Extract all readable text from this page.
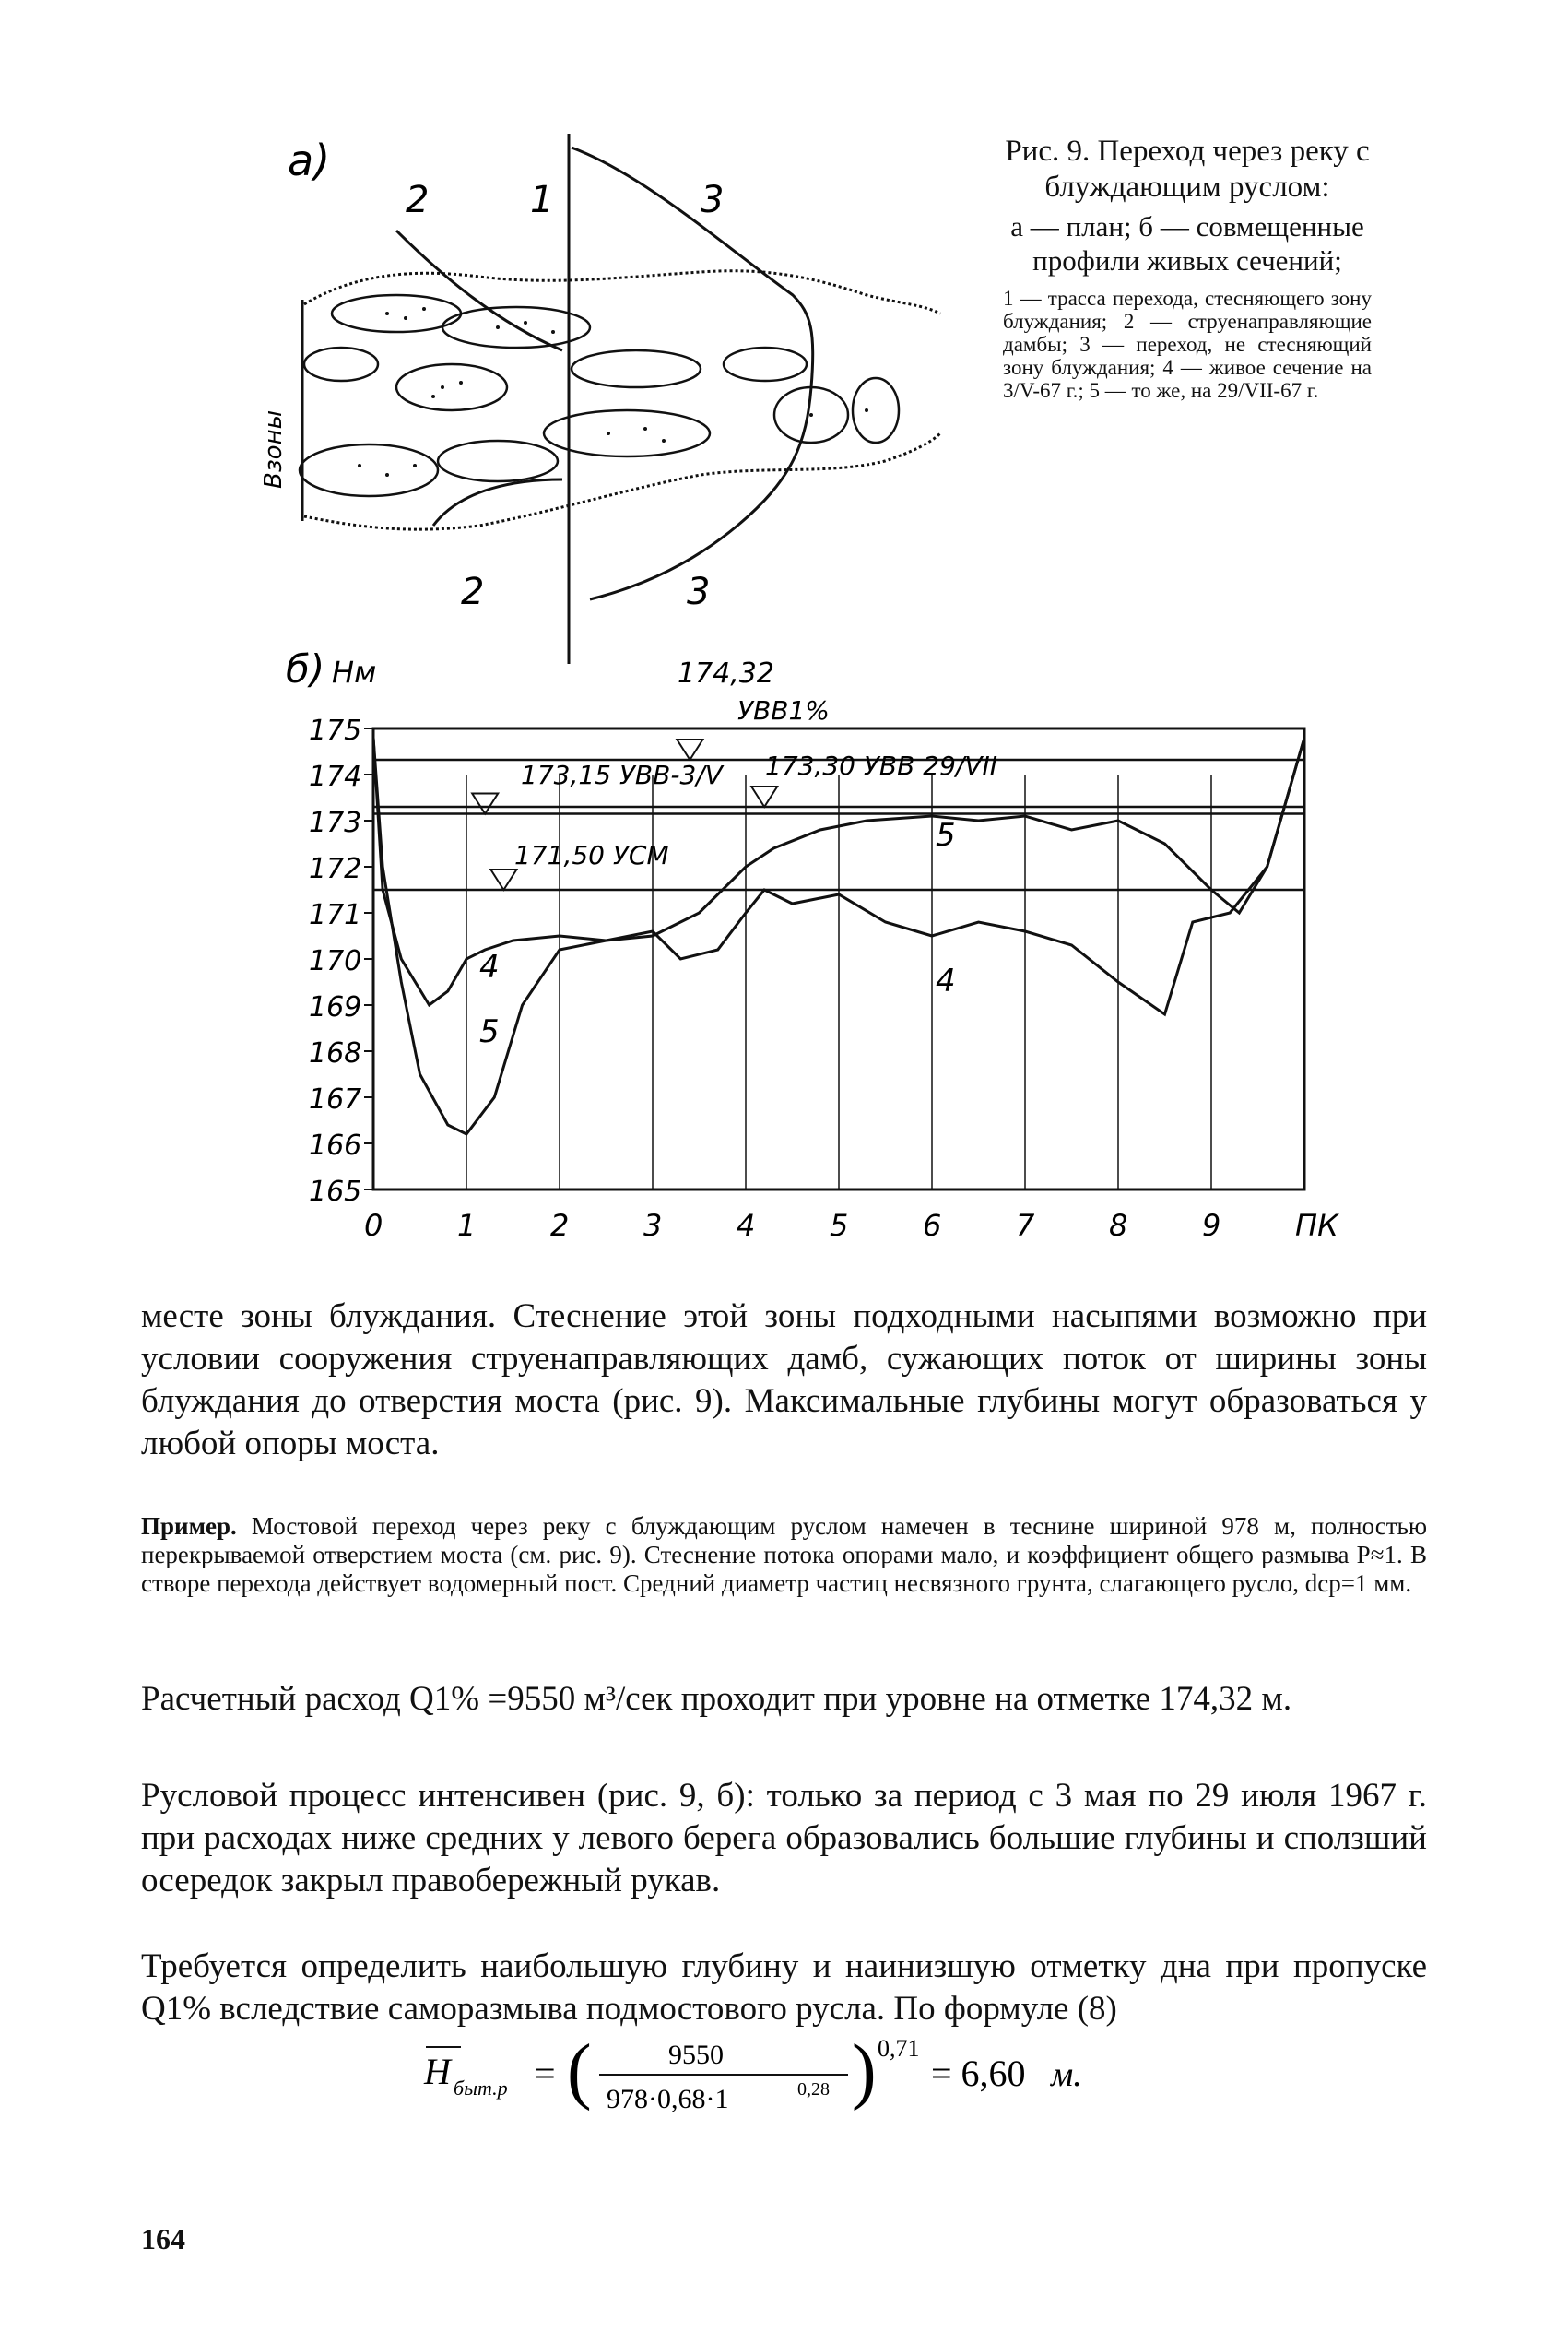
a)
Bзоны
2	1	3
2	3
б) Нм
175
174
173
172
171
170
169
168
167
166
165
0	1	2	3	4	5	6	7	8	9	ПК
174,32
УВВ1%
173,15 УВВ-3/V 173,30 УВВ 29/VII
171,50 УСМ
4	4
5
5

Рис. 9. Переход через реку с блуждающим руслом:

а — план; б — совмещенные профили живых сечений;

1 — трасса перехода, стесняющего зону блуждания; 2 — струенаправляющие дамбы; 3 — переход, не стесняющий зону блуждания; 4 — живое сечение на 3/V-67 г.; 5 — то же, на 29/VII-67 г.

месте зоны блуждания. Стеснение этой зоны подходными насыпями возможно при условии сооружения струенаправляющих дамб, сужающих поток от ширины зоны блуждания до отверстия моста (рис. 9). Максимальные глубины могут образоваться у любой опоры моста.

Пример. Мостовой переход через реку с блуждающим руслом намечен в теснине шириной 978 м, полностью перекрываемой отверстием моста (см. рис. 9). Стеснение потока опорами мало, и коэффициент общего размыва P≈1. В створе перехода действует водомерный пост. Средний диаметр частиц несвязного грунта, слагающего русло, dср=1 мм.

Расчетный расход Q1% =9550 м³/сек проходит при уровне на отметке 174,32 м.

Русловой процесс интенсивен (рис. 9, б): только за период с 3 мая по 29 июля 1967 г. при расходах ниже средних у левого берега образовались большие глубины и сползший осередок закрыл правобережный рукав.

Требуется определить наибольшую глубину и наинизшую отметку дна при пропуске Q1% вследствие саморазмыва подмостового русла. По формуле (8)

H быт.р = (	9550
978·0,68·1	0,28 ) 0,71
= 6,60 м.
164
